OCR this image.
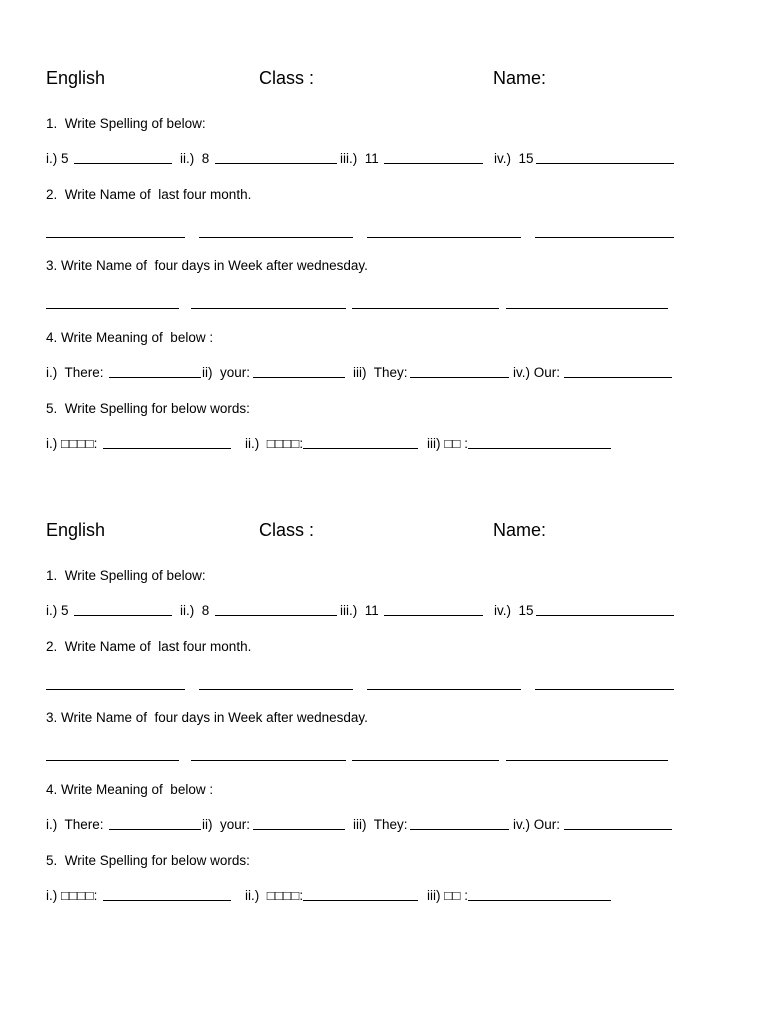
English	Class :	Name:
1.  Write Spelling of below:
i.) 5	ii.)  8	iii.)  11	iv.)  15
2.  Write Name of  last four month.
3. Write Name of  four days in Week after wednesday.
4. Write Meaning of  below :
i.)  There:	ii)  your:	iii)  They:	iv.) Our:
5.  Write Spelling for below words:
i.) □□□□:	ii.)  □□□□:	iii) □□ :
English	Class :	Name:
1.  Write Spelling of below:
i.) 5	ii.)  8	iii.)  11	iv.)  15
2.  Write Name of  last four month.
3. Write Name of  four days in Week after wednesday.
4. Write Meaning of  below :
i.)  There:	ii)  your:	iii)  They:	iv.) Our:
5.  Write Spelling for below words:
i.) □□□□:	ii.)  □□□□:	iii) □□ :
